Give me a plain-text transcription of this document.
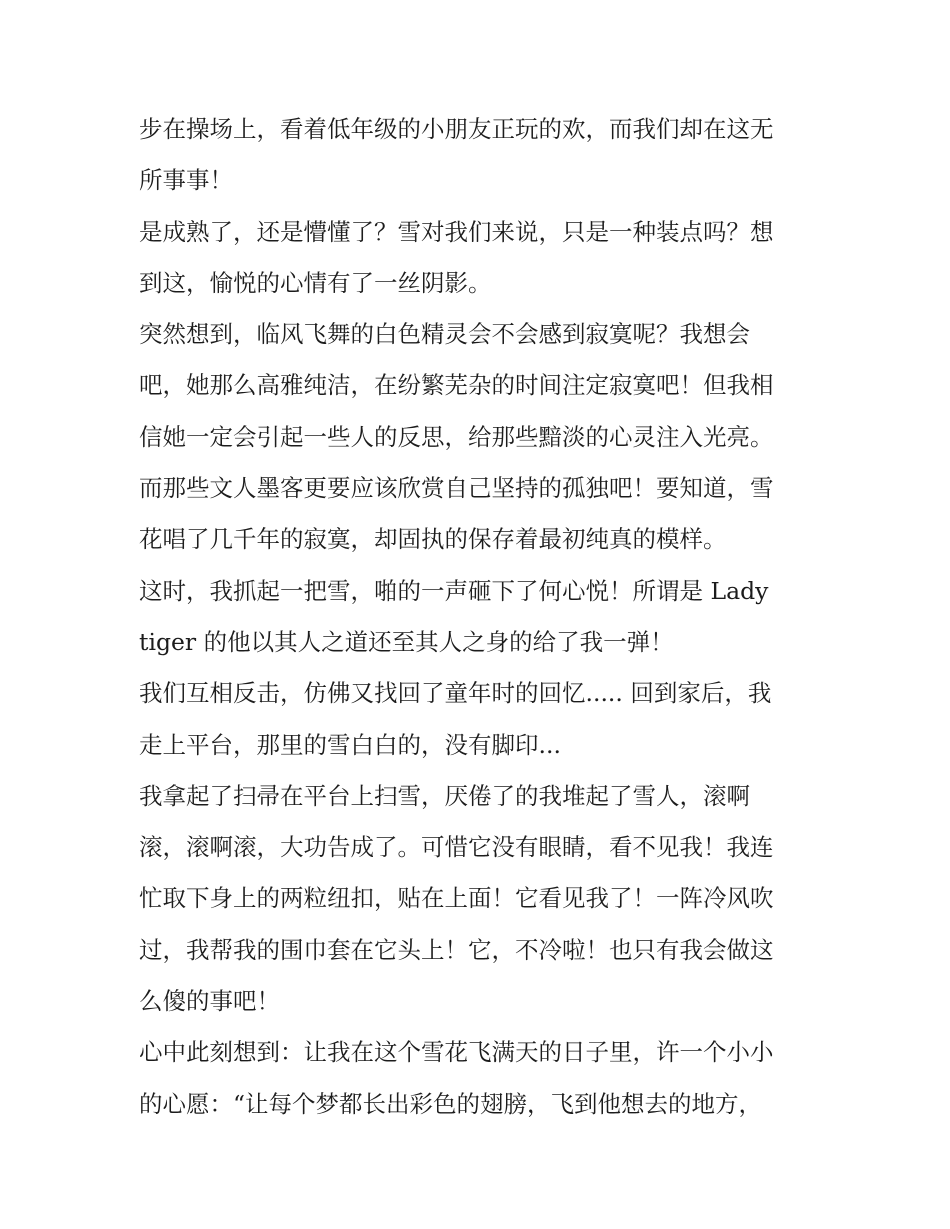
步在操场上，看着低年级的小朋友正玩的欢，而我们却在这无
所事事！
是成熟了，还是懵懂了？雪对我们来说，只是一种装点吗？想
到这，愉悦的心情有了一丝阴影。
突然想到，临风飞舞的白色精灵会不会感到寂寞呢？我想会
吧，她那么高雅纯洁，在纷繁芜杂的时间注定寂寞吧！但我相
信她一定会引起一些人的反思，给那些黯淡的心灵注入光亮。
而那些文人墨客更要应该欣赏自己坚持的孤独吧！要知道，雪
花唱了几千年的寂寞，却固执的保存着最初纯真的模样。
这时，我抓起一把雪，啪的一声砸下了何心悦！所谓是 Lady
tiger 的他以其人之道还至其人之身的给了我一弹！
我们互相反击，仿佛又找回了童年时的回忆..... 回到家后，我
走上平台，那里的雪白白的，没有脚印...
我拿起了扫帚在平台上扫雪，厌倦了的我堆起了雪人，滚啊
滚，滚啊滚，大功告成了。可惜它没有眼睛，看不见我！我连
忙取下身上的两粒纽扣，贴在上面！它看见我了！一阵冷风吹
过，我帮我的围巾套在它头上！它，不冷啦！也只有我会做这
么傻的事吧！
心中此刻想到：让我在这个雪花飞满天的日子里，许一个小小
的心愿：“让每个梦都长出彩色的翅膀，飞到他想去的地方，
